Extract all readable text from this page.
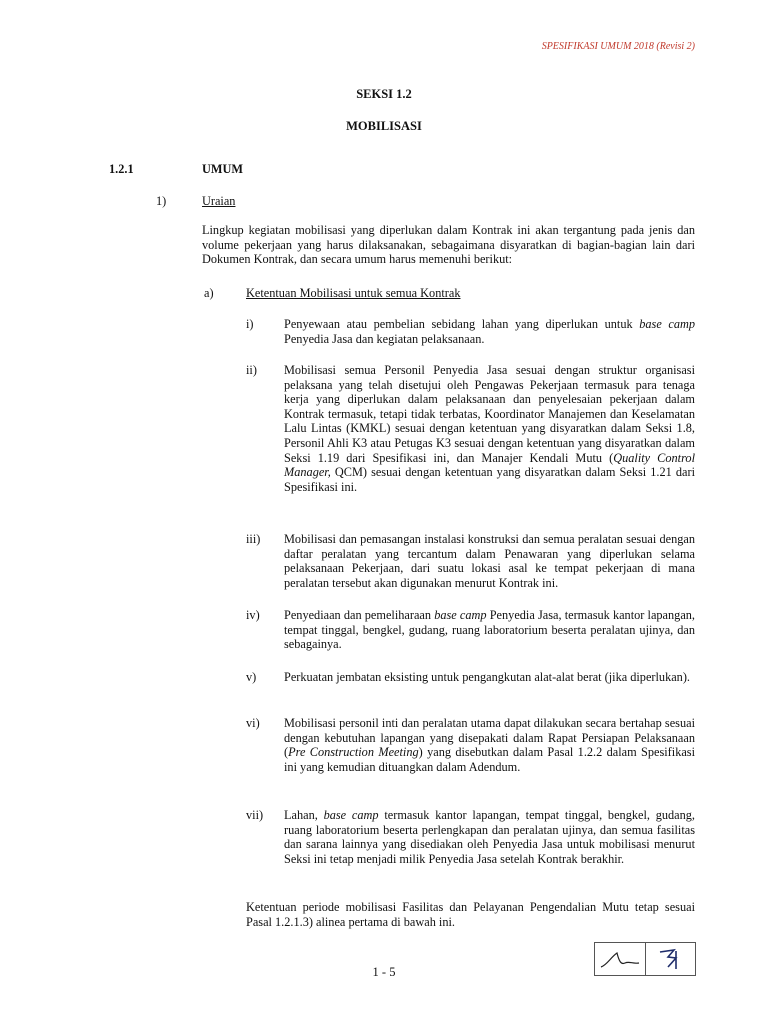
SPESIFIKASI UMUM 2018 (Revisi 2)
SEKSI 1.2
MOBILISASI
1.2.1	UMUM
1)	Uraian
Lingkup kegiatan mobilisasi yang diperlukan dalam Kontrak ini akan tergantung pada jenis dan volume pekerjaan yang harus dilaksanakan, sebagaimana disyaratkan di bagian-bagian lain dari Dokumen Kontrak, dan secara umum harus memenuhi berikut:
a)	Ketentuan Mobilisasi untuk semua Kontrak
i)	Penyewaan atau pembelian sebidang lahan yang diperlukan untuk base camp Penyedia Jasa dan kegiatan pelaksanaan.
ii)	Mobilisasi semua Personil Penyedia Jasa sesuai dengan struktur organisasi pelaksana yang telah disetujui oleh Pengawas Pekerjaan termasuk para tenaga kerja yang diperlukan dalam pelaksanaan dan penyelesaian pekerjaan dalam Kontrak termasuk, tetapi tidak terbatas, Koordinator Manajemen dan Keselamatan Lalu Lintas (KMKL) sesuai dengan ketentuan yang disyaratkan dalam Seksi 1.8, Personil Ahli K3 atau Petugas K3 sesuai dengan ketentuan yang disyaratkan dalam Seksi 1.19 dari Spesifikasi ini, dan Manajer Kendali Mutu (Quality Control Manager, QCM) sesuai dengan ketentuan yang disyaratkan dalam Seksi 1.21 dari Spesifikasi ini.
iii)	Mobilisasi dan pemasangan instalasi konstruksi dan semua peralatan sesuai dengan daftar peralatan yang tercantum dalam Penawaran yang diperlukan selama pelaksanaan Pekerjaan, dari suatu lokasi asal ke tempat pekerjaan di mana peralatan tersebut akan digunakan menurut Kontrak ini.
iv)	Penyediaan dan pemeliharaan base camp Penyedia Jasa, termasuk kantor lapangan, tempat tinggal, bengkel, gudang, ruang laboratorium beserta peralatan ujinya, dan sebagainya.
v)	Perkuatan jembatan eksisting untuk pengangkutan alat-alat berat (jika diperlukan).
vi)	Mobilisasi personil inti dan peralatan utama dapat dilakukan secara bertahap sesuai dengan kebutuhan lapangan yang disepakati dalam Rapat Persiapan Pelaksanaan (Pre Construction Meeting) yang disebutkan dalam Pasal 1.2.2 dalam Spesifikasi ini yang kemudian dituangkan dalam Adendum.
vii)	Lahan, base camp termasuk kantor lapangan, tempat tinggal, bengkel, gudang, ruang laboratorium beserta perlengkapan dan peralatan ujinya, dan semua fasilitas dan sarana lainnya yang disediakan oleh Penyedia Jasa untuk mobilisasi menurut Seksi ini tetap menjadi milik Penyedia Jasa setelah Kontrak berakhir.
Ketentuan periode mobilisasi Fasilitas dan Pelayanan Pengendalian Mutu tetap sesuai Pasal 1.2.1.3) alinea pertama di bawah ini.
1 - 5
